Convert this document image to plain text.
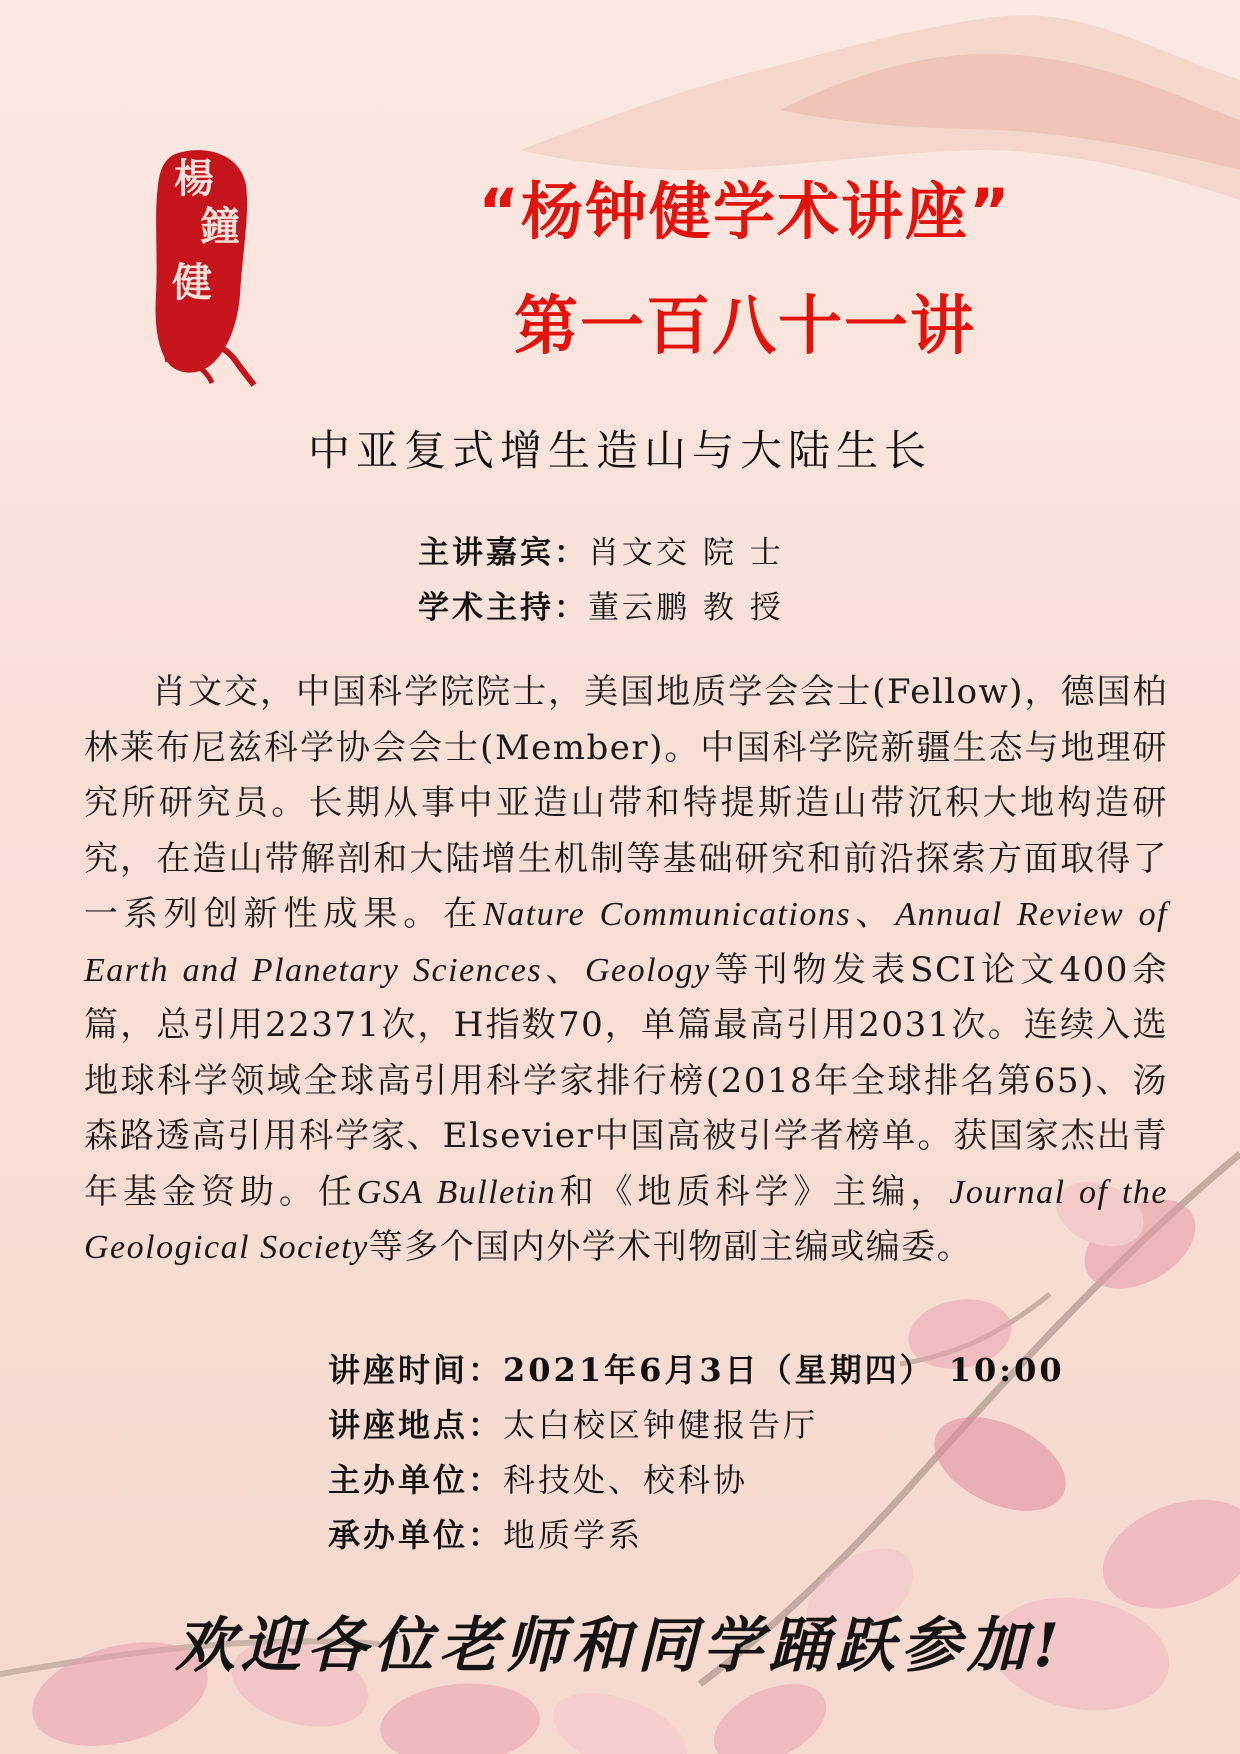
楊
鐘
健
“杨钟健学术讲座”
第一百八十一讲
中亚复式增生造山与大陆生长
主讲嘉宾：肖文交 院 士
学术主持：董云鹏 教 授
肖文交，中国科学院院士，美国地质学会会士(Fellow)，德国柏林莱布尼兹科学协会会士(Member)。中国科学院新疆生态与地理研究所研究员。长期从事中亚造山带和特提斯造山带沉积大地构造研究，在造山带解剖和大陆增生机制等基础研究和前沿探索方面取得了一系列创新性成果。在Nature Communications、Annual Review of Earth and Planetary Sciences、Geology等刊物发表SCI论文400余篇，总引用22371次，H指数70，单篇最高引用2031次。连续入选地球科学领域全球高引用科学家排行榜(2018年全球排名第65)、汤森路透高引用科学家、Elsevier中国高被引学者榜单。获国家杰出青年基金资助。任GSA Bulletin和《地质科学》主编，Journal of the Geological Society等多个国内外学术刊物副主编或编委。
讲座时间：2021年6月3日（星期四） 10:00
讲座地点：太白校区钟健报告厅
主办单位：科技处、校科协
承办单位：地质学系
欢迎各位老师和同学踊跃参加!
